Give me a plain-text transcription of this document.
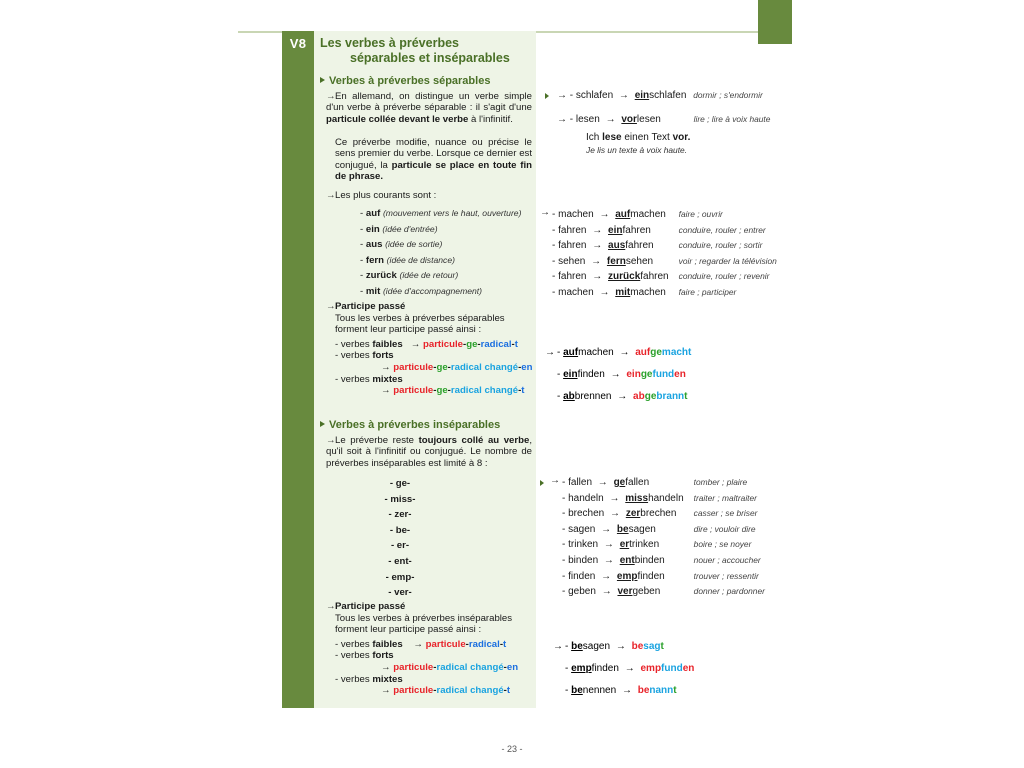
V8	Les verbes à préverbes
séparables et inséparables
Verbes à préverbes séparables
→En allemand, on distingue un verbe simple d'un verbe à préverbe séparable : il s'agit d'une particule collée devant le verbe à l'infinitif.
Ce préverbe modifie, nuance ou précise le sens premier du verbe. Lorsque ce dernier est conjugué, la particule se place en toute fin de phrase.
→Les plus courants sont :
- auf (mouvement vers le haut, ouverture)
- ein (idée d'entrée)
- aus (idée de sortie)
- fern (idée de distance)
- zurück (idée de retour)
- mit (idée d'accompagnement)
→Participe passé
Tous les verbes à préverbes séparables forment leur participe passé ainsi :
- verbes faibles → particule-ge-radical-t
- verbes forts
→ particule-ge-radical changé-en
- verbes mixtes
→ particule-ge-radical changé-t
Verbes à préverbes inséparables
→Le préverbe reste toujours collé au verbe, qu'il soit à l'infinitif ou conjugué. Le nombre de préverbes inséparables est limité à 8 :
- ge-
- miss-
- zer-
- be-
- er-
- ent-
- emp-
- ver-
→Participe passé
Tous les verbes à préverbes inséparables forment leur participe passé ainsi :
- verbes faibles → particule-radical-t
- verbes forts
→ particule-radical changé-en
- verbes mixtes
→ particule-radical changé-t
→ - schlafen → einschlafen dormir ; s'endormir
→ - lesen → vorlesen	lire ; lire à voix haute
Ich lese einen Text vor.
Je lis un texte à voix haute.
→ - machen → aufmachen	faire ; ouvrir
- fahren → einfahren	conduire, rouler ; entrer
- fahren → ausfahren	conduire, rouler ; sortir
- sehen → fernsehen	voir ; regarder la télévision
- fahren → zurückfahren	conduire, rouler ; revenir
- machen → mitmachen	faire ; participer
→ - aufmachen → aufgemacht
- einfinden → eingefunden
- abbrennen → abgebrannt
→ - fallen → gefallen	tomber ; plaire
- handeln → misshandeln	traiter ; maltraiter
- brechen → zerbrechen	casser ; se briser
- sagen → besagen	dire ; vouloir dire
- trinken → ertrinken	boire ; se noyer
- binden → entbinden	nouer ; accoucher
- finden → empfinden	trouver ; ressentir
- geben → vergeben	donner ; pardonner
→ - besagen → besagt
- empfinden → empfunden
- benennen → benannt
- 23 -
